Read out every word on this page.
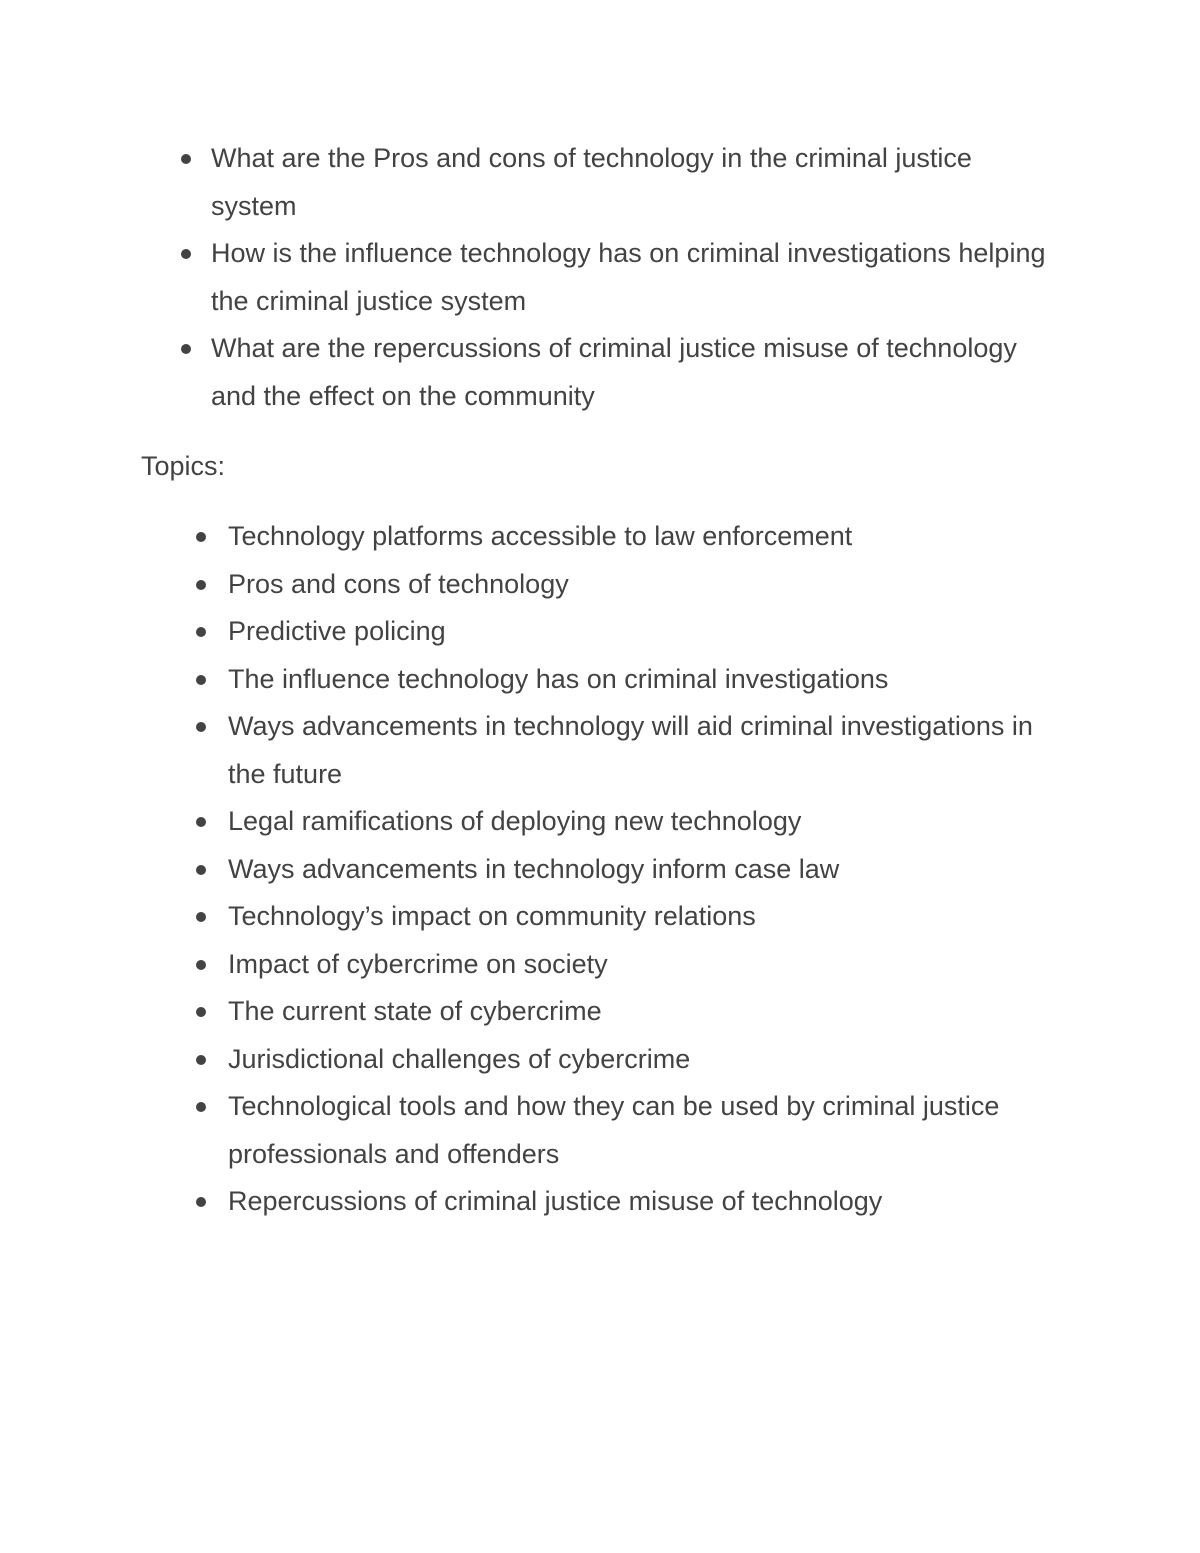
What are the Pros and cons of technology in the criminal justice system
How is the influence technology has on criminal investigations helping the criminal justice system
What are the repercussions of criminal justice misuse of technology and the effect on the community
Topics:
Technology platforms accessible to law enforcement
Pros and cons of technology
Predictive policing
The influence technology has on criminal investigations
Ways advancements in technology will aid criminal investigations in the future
Legal ramifications of deploying new technology
Ways advancements in technology inform case law
Technology’s impact on community relations
Impact of cybercrime on society
The current state of cybercrime
Jurisdictional challenges of cybercrime
Technological tools and how they can be used by criminal justice professionals and offenders
Repercussions of criminal justice misuse of technology
